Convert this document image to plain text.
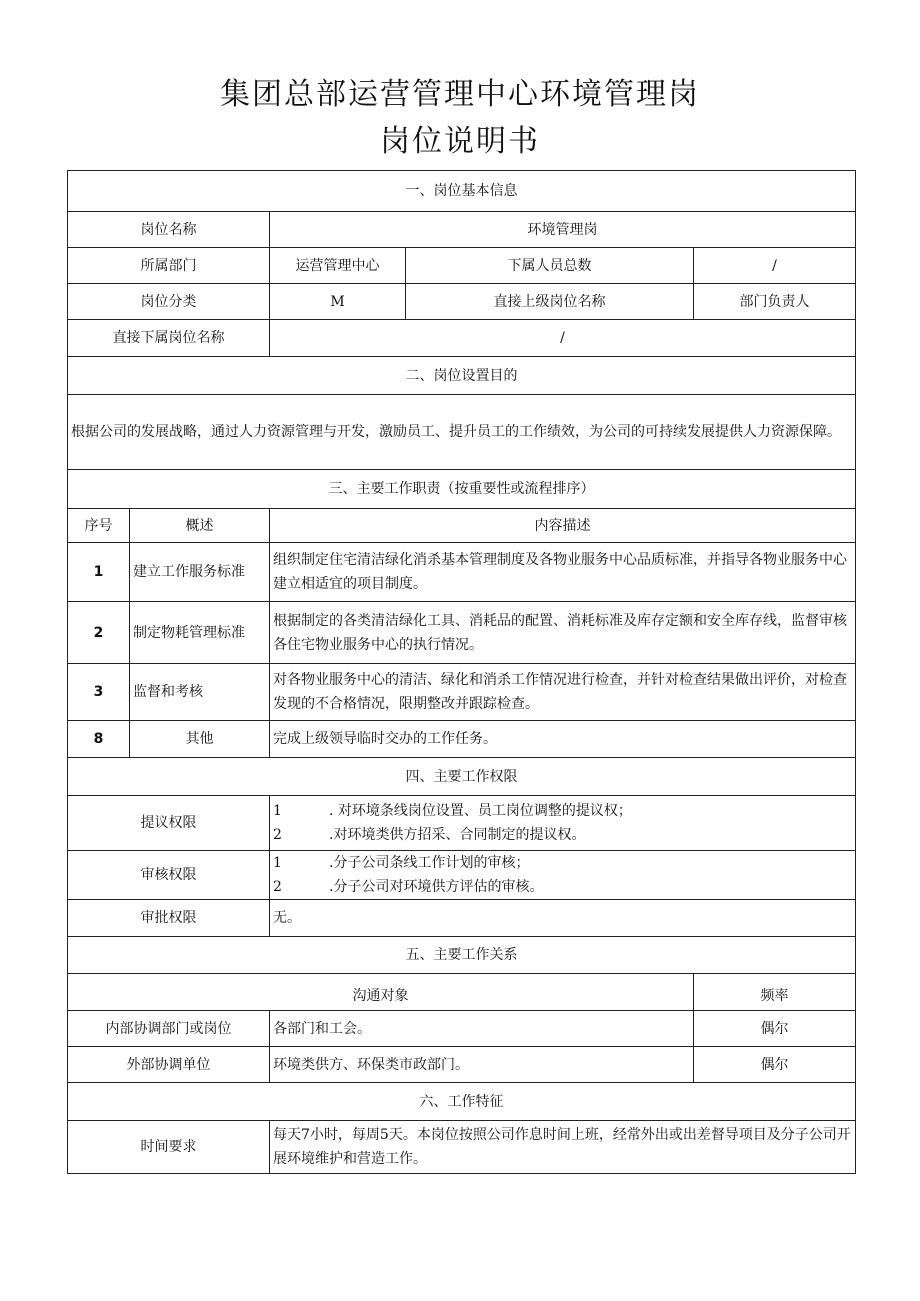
集团总部运营管理中心环境管理岗
岗位说明书
一、岗位基本信息				
岗位名称		环境管理岗		
所属部门		运营管理中心	下属人员总数	/
岗位分类		M	直接上级岗位名称	部门负责人
直接下属岗位名称		/		
二、岗位设置目的				
根据公司的发展战略，通过人力资源管理与开发，激励员工、提升员工的工作绩效，为公司的可持续发展提供人力资源保障。				
三、主要工作职责（按重要性或流程排序）				
序号	概述	内容描述		
1	建立工作服务标准	组织制定住宅清洁绿化消杀基本管理制度及各物业服务中心品质标准，并指导各物业服务中心建立相适宜的项目制度。		
2	制定物耗管理标准	根据制定的各类清洁绿化工具、消耗品的配置、消耗标准及库存定额和安全库存线，监督审核各住宅物业服务中心的执行情况。		
3	监督和考核	对各物业服务中心的清洁、绿化和消杀工作情况进行检查，并针对检查结果做出评价，对检查发现的不合格情况，限期整改并跟踪检查。		
8	其他	完成上级领导临时交办的工作任务。		
四、主要工作权限				
提议权限		1 . 对环境条线岗位设置、员工岗位调整的提议权；
2 .对环境类供方招采、合同制定的提议权。		

审核权限		1 .分子公司条线工作计划的审核；
2 .分子公司对环境供方评估的审核。		

审批权限		无。		
五、主要工作关系				
沟通对象				频率
内部协调部门或岗位		各部门和工会。		偶尔
外部协调单位		环境类供方、环保类市政部门。		偶尔
六、工作特征				
时间要求		每天7小时，每周5天。本岗位按照公司作息时间上班，经常外出或出差督导项目及分子公司开展环境维护和营造工作。		
